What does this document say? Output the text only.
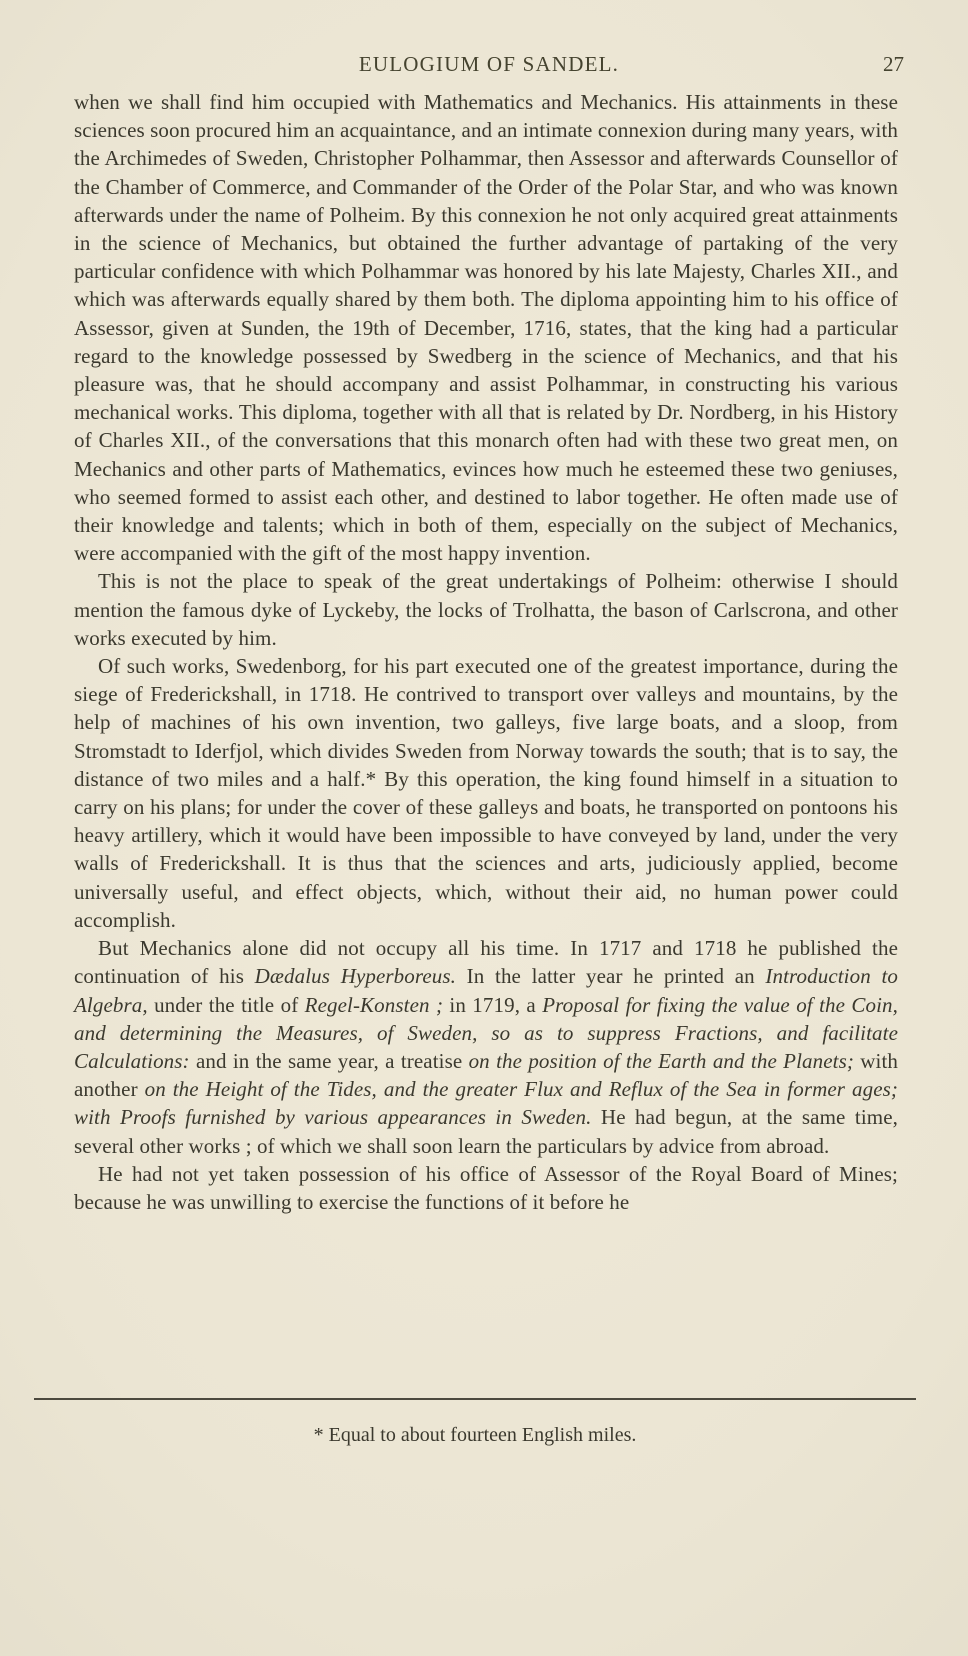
EULOGIUM OF SANDEL.	27

when we shall find him occupied with Mathematics and Mechanics. His attainments in these sciences soon procured him an acquaintance, and an intimate connexion during many years, with the Archimedes of Sweden, Christopher Polhammar, then Assessor and afterwards Counsellor of the Chamber of Commerce, and Commander of the Order of the Polar Star, and who was known afterwards under the name of Polheim. By this connexion he not only acquired great attainments in the science of Mechanics, but obtained the further advantage of partaking of the very particular confidence with which Polhammar was honored by his late Majesty, Charles XII., and which was afterwards equally shared by them both. The diploma appointing him to his office of Assessor, given at Sunden, the 19th of December, 1716, states, that the king had a particular regard to the knowledge possessed by Swedberg in the science of Mechanics, and that his pleasure was, that he should accompany and assist Polhammar, in constructing his various mechanical works. This diploma, together with all that is related by Dr. Nordberg, in his History of Charles XII., of the conversations that this monarch often had with these two great men, on Mechanics and other parts of Mathematics, evinces how much he esteemed these two geniuses, who seemed formed to assist each other, and destined to labor together. He often made use of their knowledge and talents; which in both of them, especially on the subject of Mechanics, were accompanied with the gift of the most happy invention.

This is not the place to speak of the great undertakings of Polheim: otherwise I should mention the famous dyke of Lyckeby, the locks of Trolhatta, the bason of Carlscrona, and other works executed by him.

Of such works, Swedenborg, for his part executed one of the greatest importance, during the siege of Frederickshall, in 1718. He contrived to transport over valleys and mountains, by the help of machines of his own invention, two galleys, five large boats, and a sloop, from Stromstadt to Iderfjol, which divides Sweden from Norway towards the south; that is to say, the distance of two miles and a half.* By this operation, the king found himself in a situation to carry on his plans; for under the cover of these galleys and boats, he transported on pontoons his heavy artillery, which it would have been impossible to have conveyed by land, under the very walls of Frederickshall. It is thus that the sciences and arts, judiciously applied, become universally useful, and effect objects, which, without their aid, no human power could accomplish.

But Mechanics alone did not occupy all his time. In 1717 and 1718 he published the continuation of his Dædalus Hyperboreus. In the latter year he printed an Introduction to Algebra, under the title of Regel-Konsten ; in 1719, a Proposal for fixing the value of the Coin, and determining the Measures, of Sweden, so as to suppress Fractions, and facilitate Calculations: and in the same year, a treatise on the position of the Earth and the Planets; with another on the Height of the Tides, and the greater Flux and Reflux of the Sea in former ages; with Proofs furnished by various appearances in Sweden. He had begun, at the same time, several other works ; of which we shall soon learn the particulars by advice from abroad.

He had not yet taken possession of his office of Assessor of the Royal Board of Mines; because he was unwilling to exercise the functions of it before he

* Equal to about fourteen English miles.
